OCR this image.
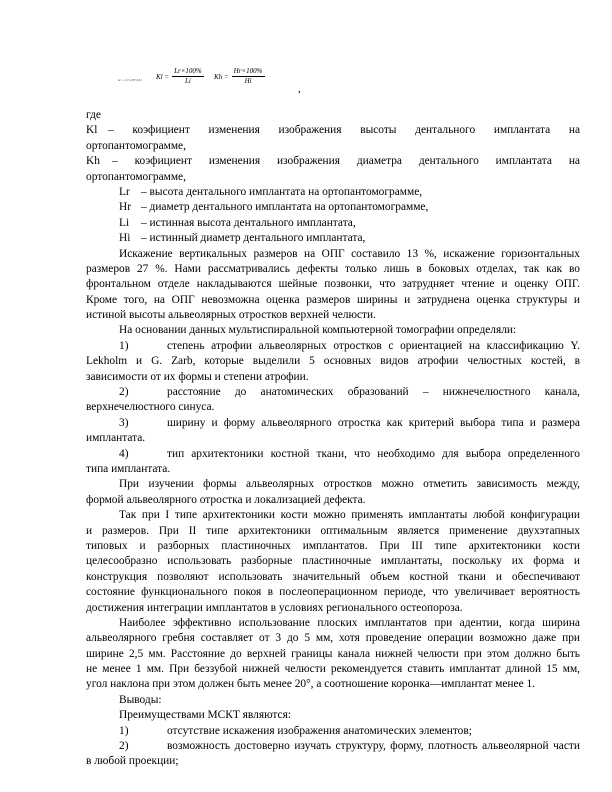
ki = Li×100%/Li $Kl = \frac{Lr\times 100\%}{Li}$ $Kh = \frac{Hr\times 100\%}{Hi}$
,
где
Kl – коэфициент изменения изображения высоты дентального имплантата на
ортопантомограмме,
Kh	– коэфициент изменения изображения диаметра дентального имплантата на
ортопантомограмме,
Lr – высота дентального имплантата на ортопантомограмме,
Hr – диаметр дентального имплантата на ортопантомограмме,
Li	– истинная высота дентального имплантата,
Hi – истинный диаметр дентального имплантата,
Искажение вертикальных размеров на ОПГ составило 13 %, искажение горизонтальных
размеров 27 %. Нами рассматривались дефекты только лишь в боковых отделах, так как во
фронтальном отделе накладываются шейные позвонки, что затрудняет чтение и оценку ОПГ.
Кроме того, на ОПГ невозможна оценка размеров ширины и затруднена оценка структуры и
истиной высоты альвеолярных отростков верхней челюсти.
На основании данных мультиспиральной компьютерной томографии определяли:
1)	степень атрофии альвеолярных отростков с ориентацией на классификацию Y.
Lekholm и G. Zarb, которые выделили 5 основных видов атрофии челюстных костей, в
зависимости от их формы и степени атрофии.
2)	расстояние до анатомических образований – нижнечелюстного канала,
верхнечелюстного синуса.
3)	ширину и форму альвеолярного отростка как критерий выбора типа и размера
имплантата.
4)	тип архитектоники костной ткани, что необходимо для выбора определенного
типа имплантата.
При изучении формы альвеолярных отростков можно отметить зависимость между,
формой альвеолярного отростка и локализацией дефекта.
Так при I типе архитектоники кости можно применять имплантаты любой конфигурации
и размеров. При II типе архитектоники оптимальным является применение двухэтапных
типовых и разборных пластиночных имплантатов. При III типе архитектоники кости
целесообразно использовать разборные пластиночные имплантаты, поскольку их форма и
конструкция позволяют использовать значительный объем костной ткани и обеспечивают
состояние функционального покоя в послеоперационном периоде, что увеличивает вероятность
достижения интеграции имплантатов в условиях регионального остеопороза.
Наиболее эффективно использование плоских имплантатов при адентии, когда ширина
альвеолярного гребня составляет от 3 до 5 мм, хотя проведение операции возможно даже при
ширине 2,5 мм. Расстояние до верхней границы канала нижней челюсти при этом должно быть
не менее 1 мм. При беззубой нижней челюсти рекомендуется ставить имплантат длиной 15 мм,
угол наклона при этом должен быть менее 20°, а соотношение коронка—имплантат менее 1.
Выводы:
Преимуществами МСКТ являются:
1)	отсутствие искажения изображения анатомических элементов;
2)	возможность достоверно изучать структуру, форму, плотность альвеолярной части
в любой проекции;
